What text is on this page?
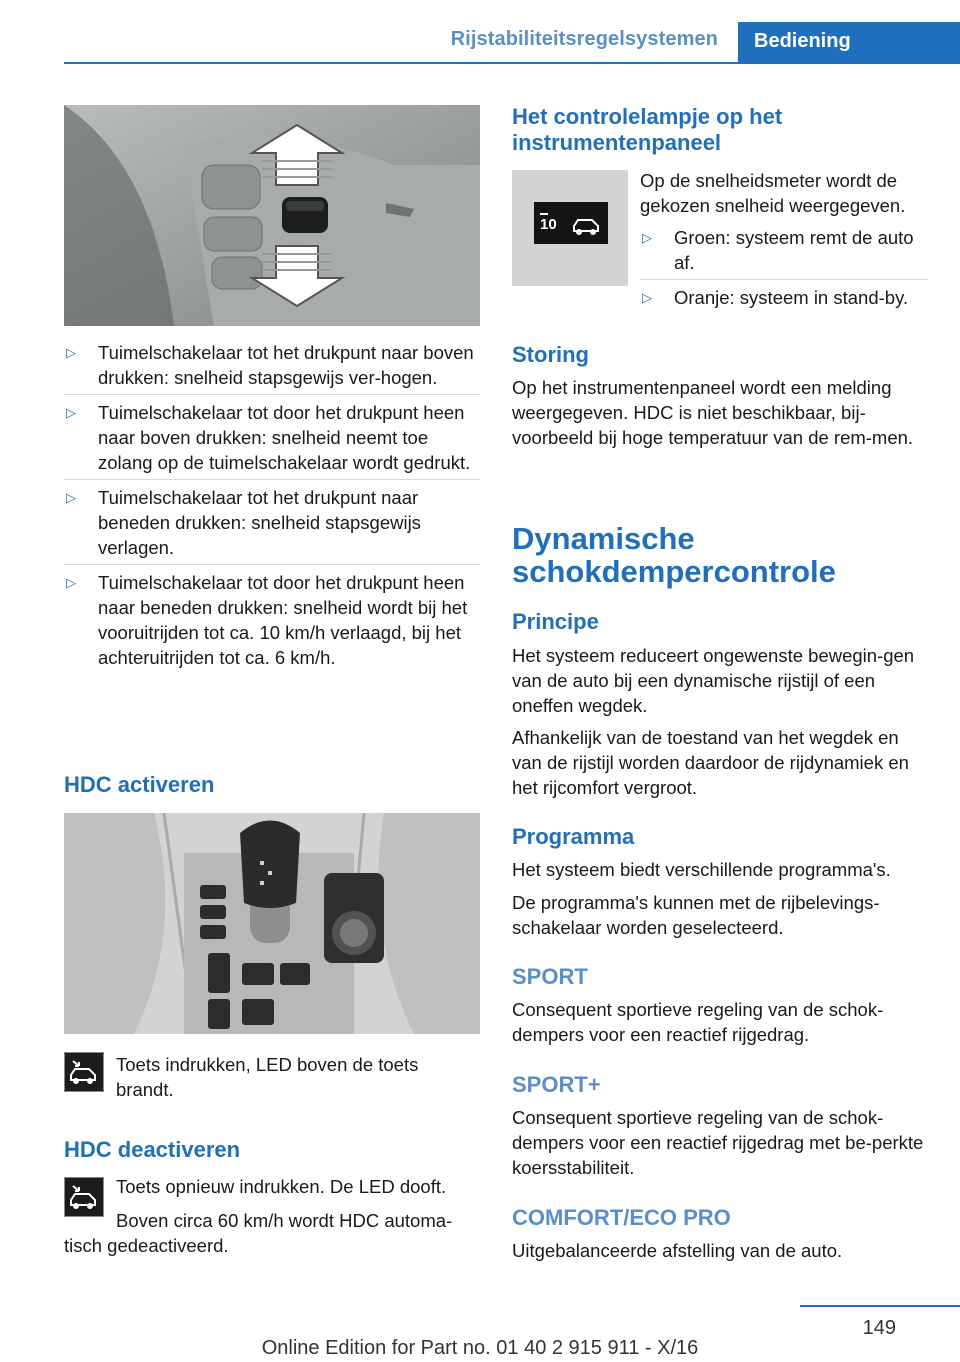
Rijstabiliteitsregelsystemen	Bediening
▷ Tuimelschakelaar tot het drukpunt naar boven drukken: snelheid stapsgewijs ver‐hogen.
▷ Tuimelschakelaar tot door het drukpunt heen naar boven drukken: snelheid neemt toe zolang op de tuimelschakelaar wordt gedrukt.
▷ Tuimelschakelaar tot het drukpunt naar beneden drukken: snelheid stapsgewijs verlagen.
▷ Tuimelschakelaar tot door het drukpunt heen naar beneden drukken: snelheid wordt bij het vooruitrijden tot ca. 10 km/h verlaagd, bij het achteruitrijden tot ca. 6 km/h.
HDC activeren
Toets indrukken, LED boven de toets brandt.
HDC deactiveren
Toets opnieuw indrukken. De LED dooft.
Boven circa 60 km/h wordt HDC automa‐tisch gedeactiveerd.
Het controlelampje op het instrumentenpaneel
10
Op de snelheidsmeter wordt de gekozen snelheid weergegeven.
▷ Groen: systeem remt de auto af.
▷ Oranje: systeem in stand-by.
Storing
Op het instrumentenpaneel wordt een melding weergegeven. HDC is niet beschikbaar, bij‐voorbeeld bij hoge temperatuur van de rem‐men.
Dynamische schokdempercontrole
Principe
Het systeem reduceert ongewenste bewegin‐gen van de auto bij een dynamische rijstijl of een oneffen wegdek.
Afhankelijk van de toestand van het wegdek en van de rijstijl worden daardoor de rijdynamiek en het rijcomfort vergroot.
Programma
Het systeem biedt verschillende programma's.
De programma's kunnen met de rijbelevings‐schakelaar worden geselecteerd.
SPORT
Consequent sportieve regeling van de schok‐dempers voor een reactief rijgedrag.
SPORT+
Consequent sportieve regeling van de schok‐dempers voor een reactief rijgedrag met be‐perkte koersstabiliteit.
COMFORT/ECO PRO
Uitgebalanceerde afstelling van de auto.
149
Online Edition for Part no. 01 40 2 915 911 - X/16
